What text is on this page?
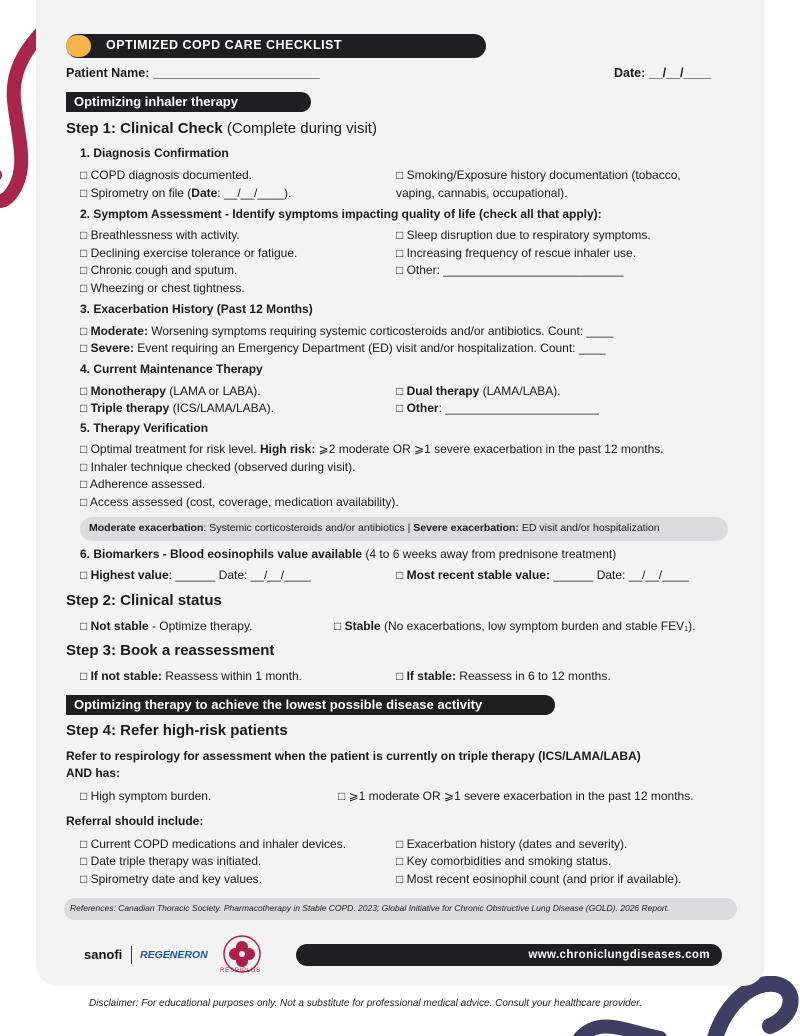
OPTIMIZED COPD CARE CHECKLIST
Patient Name: ________________________	Date: __/__/____
Optimizing inhaler therapy
Step 1: Clinical Check (Complete during visit)
1. Diagnosis Confirmation
□ COPD diagnosis documented.
□ Spirometry on file (Date: __/__/____).
□ Smoking/Exposure history documentation (tobacco,
vaping, cannabis, occupational).
2. Symptom Assessment - Identify symptoms impacting quality of life (check all that apply):
□ Breathlessness with activity.
□ Declining exercise tolerance or fatigue.
□ Chronic cough and sputum.
□ Wheezing or chest tightness.
□ Sleep disruption due to respiratory symptoms.
□ Increasing frequency of rescue inhaler use.
□ Other: ___________________________
3. Exacerbation History (Past 12 Months)
□ Moderate: Worsening symptoms requiring systemic corticosteroids and/or antibiotics. Count: ____
□ Severe: Event requiring an Emergency Department (ED) visit and/or hospitalization. Count: ____
4. Current Maintenance Therapy
□ Monotherapy (LAMA or LABA).
□ Triple therapy (ICS/LAMA/LABA).
□ Dual therapy (LAMA/LABA).
□ Other: _______________________
5. Therapy Verification
□ Optimal treatment for risk level. High risk: ⩾2 moderate OR ⩾1 severe exacerbation in the past 12 months.
□ Inhaler technique checked (observed during visit).
□ Adherence assessed.
□ Access assessed (cost, coverage, medication availability).
Moderate exacerbation: Systemic corticosteroids and/or antibiotics | Severe exacerbation: ED visit and/or hospitalization
6. Biomarkers - Blood eosinophils value available (4 to 6 weeks away from prednisone treatment)
□ Highest value: ______ Date: __/__/____	□ Most recent stable value: ______ Date: __/__/____
Step 2: Clinical status
□ Not stable - Optimize therapy.	□ Stable (No exacerbations, low symptom burden and stable FEV₁).
Step 3: Book a reassessment
□ If not stable: Reassess within 1 month.	□ If stable: Reassess in 6 to 12 months.
Optimizing therapy to achieve the lowest possible disease activity
Step 4: Refer high-risk patients
Refer to respirology for assessment when the patient is currently on triple therapy (ICS/LAMA/LABA)
AND has:
□ High symptom burden.	□ ⩾1 moderate OR ⩾1 severe exacerbation in the past 12 months.
Referral should include:
□ Current COPD medications and inhaler devices.
□ Date triple therapy was initiated.
□ Spirometry date and key values.
□ Exacerbation history (dates and severity).
□ Key comorbidities and smoking status.
□ Most recent eosinophil count (and prior if available).
References: Canadian Thoracic Society. Pharmacotherapy in Stable COPD. 2023; Global Initiative for Chronic Obstructive Lung Disease (GOLD). 2026 Report.
sanofi REGENERON
RESPIPLUS
www.chroniclungdiseases.com
Disclaimer: For educational purposes only. Not a substitute for professional medical advice. Consult your healthcare provider.
